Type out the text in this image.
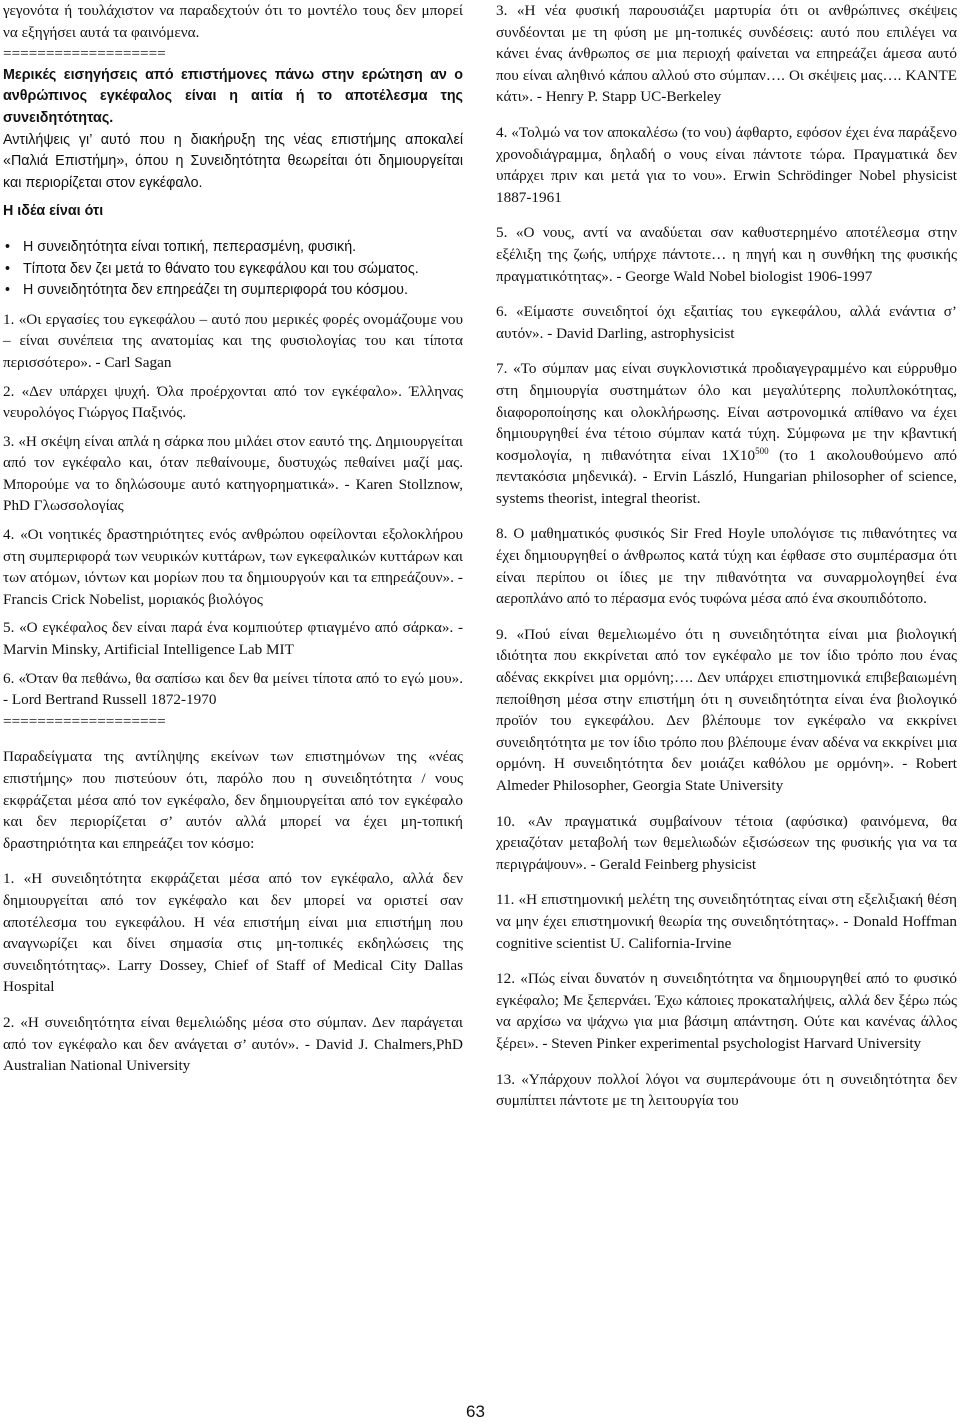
γεγονότα ή τουλάχιστον να παραδεχτούν ότι το μοντέλο τους δεν μπορεί να εξηγήσει αυτά τα φαινόμενα.

===================

Μερικές εισηγήσεις από επιστήμονες πάνω στην ερώτηση αν ο ανθρώπινος εγκέφαλος είναι η αιτία ή το αποτέλεσμα της συνειδητότητας.

Αντιλήψεις γι’ αυτό που η διακήρυξη της νέας επιστήμης αποκαλεί «Παλιά Επιστήμη», όπου η Συνειδητότητα θεωρείται ότι δημιουργείται και περιορίζεται στον εγκέφαλο.

Η ιδέα είναι ότι

• Η συνειδητότητα είναι τοπική, πεπερασμένη, φυσική.
• Τίποτα δεν ζει μετά το θάνατο του εγκεφάλου και του σώματος.
• Η συνειδητότητα δεν επηρεάζει τη συμπεριφορά του κόσμου.

1. «Οι εργασίες του εγκεφάλου – αυτό που μερικές φορές ονομάζουμε νου – είναι συνέπεια της ανατομίας και της φυσιολογίας του και τίποτα περισσότερο». - Carl Sagan

2. «Δεν υπάρχει ψυχή. Όλα προέρχονται από τον εγκέφαλο». Έλληνας νευρολόγος Γιώργος Παξινός.

3. «Η σκέψη είναι απλά η σάρκα που μιλάει στον εαυτό της. Δημιουργείται από τον εγκέφαλο και, όταν πεθαίνουμε, δυστυχώς πεθαίνει μαζί μας. Μπορούμε να το δηλώσουμε αυτό κατηγορηματικά». - Karen Stollznow, PhD Γλωσσολογίας

4. «Οι νοητικές δραστηριότητες ενός ανθρώπου οφείλονται εξολοκλήρου στη συμπεριφορά των νευρικών κυττάρων, των εγκεφαλικών κυττάρων και των ατόμων, ιόντων και μορίων που τα δημιουργούν και τα επηρεάζουν». - Francis Crick Nobelist, μοριακός βιολόγος

5. «Ο εγκέφαλος δεν είναι παρά ένα κομπιούτερ φτιαγμένο από σάρκα». - Marvin Minsky, Artificial Intelligence Lab MIT

6. «Όταν θα πεθάνω, θα σαπίσω και δεν θα μείνει τίποτα από το εγώ μου». - Lord Bertrand Russell 1872-1970

===================

Παραδείγματα της αντίληψης εκείνων των επιστημόνων της «νέας επιστήμης» που πιστεύουν ότι, παρόλο που η συνειδητότητα / νους εκφράζεται μέσα από τον εγκέφαλο, δεν δημιουργείται από τον εγκέφαλο και δεν περιορίζεται σ’ αυτόν αλλά μπορεί να έχει μη-τοπική δραστηριότητα και επηρεάζει τον κόσμο:

1. «Η συνειδητότητα εκφράζεται μέσα από τον εγκέφαλο, αλλά δεν δημιουργείται από τον εγκέφαλο και δεν μπορεί να οριστεί σαν αποτέλεσμα του εγκεφάλου. Η νέα επιστήμη είναι μια επιστήμη που αναγνωρίζει και δίνει σημασία στις μη-τοπικές εκδηλώσεις της συνειδητότητας». Larry Dossey, Chief of Staff of Medical City Dallas Hospital

2. «Η συνειδητότητα είναι θεμελιώδης μέσα στο σύμπαν. Δεν παράγεται από τον εγκέφαλο και δεν ανάγεται σ’ αυτόν». - David J. Chalmers,PhD Australian National University

3. «Η νέα φυσική παρουσιάζει μαρτυρία ότι οι ανθρώπινες σκέψεις συνδέονται με τη φύση με μη-τοπικές συνδέσεις: αυτό που επιλέγει να κάνει ένας άνθρωπος σε μια περιοχή φαίνεται να επηρεάζει άμεσα αυτό που είναι αληθινό κάπου αλλού στο σύμπαν…. Οι σκέψεις μας…. ΚΑΝΤΕ κάτι». - Henry P. Stapp UC-Berkeley

4. «Τολμώ να τον αποκαλέσω (το νου) άφθαρτο, εφόσον έχει ένα παράξενο χρονοδιάγραμμα, δηλαδή ο νους είναι πάντοτε τώρα. Πραγματικά δεν υπάρχει πριν και μετά για το νου». Erwin Schrödinger Nobel physicist 1887-1961

5. «Ο νους, αντί να αναδύεται σαν καθυστερημένο αποτέλεσμα στην εξέλιξη της ζωής, υπήρχε πάντοτε… η πηγή και η συνθήκη της φυσικής πραγματικότητας». - George Wald Nobel biologist 1906-1997

6. «Είμαστε συνειδητοί όχι εξαιτίας του εγκεφάλου, αλλά ενάντια σ’ αυτόν». - David Darling, astrophysicist

7. «Το σύμπαν μας είναι συγκλονιστικά προδιαγεγραμμένο και εύρρυθμο στη δημιουργία συστημάτων όλο και μεγαλύτερης πολυπλοκότητας, διαφοροποίησης και ολοκλήρωσης. Είναι αστρονομικά απίθανο να έχει δημιουργηθεί ένα τέτοιο σύμπαν κατά τύχη. Σύμφωνα με την κβαντική κοσμολογία, η πιθανότητα είναι $1X10^{500}$ (το 1 ακολουθούμενο από πεντακόσια μηδενικά). - Ervin László, Hungarian philosopher of science, systems theorist, integral theorist.

8. Ο μαθηματικός φυσικός Sir Fred Hoyle υπολόγισε τις πιθανότητες να έχει δημιουργηθεί ο άνθρωπος κατά τύχη και έφθασε στο συμπέρασμα ότι είναι περίπου οι ίδιες με την πιθανότητα να συναρμολογηθεί ένα αεροπλάνο από το πέρασμα ενός τυφώνα μέσα από ένα σκουπιδότοπο.

9. «Πού είναι θεμελιωμένο ότι η συνειδητότητα είναι μια βιολογική ιδιότητα που εκκρίνεται από τον εγκέφαλο με τον ίδιο τρόπο που ένας αδένας εκκρίνει μια ορμόνη;…. Δεν υπάρχει επιστημονικά επιβεβαιωμένη πεποίθηση μέσα στην επιστήμη ότι η συνειδητότητα είναι ένα βιολογικό προϊόν του εγκεφάλου. Δεν βλέπουμε τον εγκέφαλο να εκκρίνει συνειδητότητα με τον ίδιο τρόπο που βλέπουμε έναν αδένα να εκκρίνει μια ορμόνη. Η συνειδητότητα δεν μοιάζει καθόλου με ορμόνη». - Robert Almeder Philosopher, Georgia State University

10. «Αν πραγματικά συμβαίνουν τέτοια (αφύσικα) φαινόμενα, θα χρειαζόταν μεταβολή των θεμελιωδών εξισώσεων της φυσικής για να τα περιγράψουν». - Gerald Feinberg physicist

11. «Η επιστημονική μελέτη της συνειδητότητας είναι στη εξελιξιακή θέση να μην έχει επιστημονική θεωρία της συνειδητότητας». - Donald Hoffman cognitive scientist U. California-Irvine

12. «Πώς είναι δυνατόν η συνειδητότητα να δημιουργηθεί από το φυσικό εγκέφαλο; Με ξεπερνάει. Έχω κάποιες προκαταλήψεις, αλλά δεν ξέρω πώς να αρχίσω να ψάχνω για μια βάσιμη απάντηση. Ούτε και κανένας άλλος ξέρει». - Steven Pinker experimental psychologist Harvard University

13. «Υπάρχουν πολλοί λόγοι να συμπεράνουμε ότι η συνειδητότητα δεν συμπίπτει πάντοτε με τη λειτουργία του

63
